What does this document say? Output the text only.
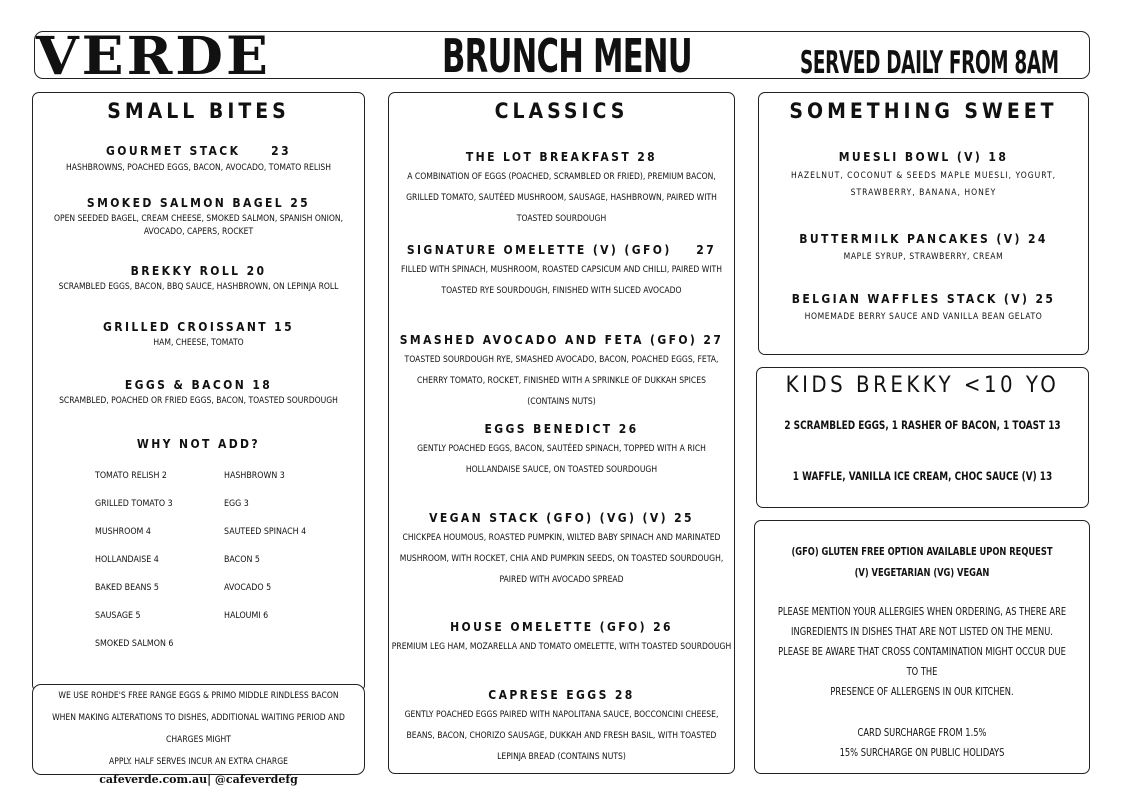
VERDE	BRUNCH MENU	SERVED DAILY FROM 8AM
SMALL BITES
GOURMET STACK     23
HASHBROWNS, POACHED EGGS, BACON, AVOCADO, TOMATO RELISH
SMOKED SALMON BAGEL 25
OPEN SEEDED BAGEL, CREAM CHEESE, SMOKED SALMON, SPANISH ONION, AVOCADO, CAPERS, ROCKET
BREKKY ROLL 20
SCRAMBLED EGGS, BACON, BBQ SAUCE, HASHBROWN, ON LEPINJA ROLL
GRILLED CROISSANT 15
HAM, CHEESE, TOMATO
EGGS & BACON 18
SCRAMBLED, POACHED OR FRIED EGGS, BACON, TOASTED SOURDOUGH
WHY NOT ADD?
TOMATO RELISH 2	HASHBROWN 3
GRILLED TOMATO 3	EGG 3
MUSHROOM 4	SAUTEED SPINACH 4
HOLLANDAISE 4	BACON 5
BAKED BEANS 5	AVOCADO 5
SAUSAGE 5	HALOUMI 6
SMOKED SALMON 6
WE USE ROHDE'S FREE RANGE EGGS & PRIMO MIDDLE RINDLESS BACON
WHEN MAKING ALTERATIONS TO DISHES, ADDITIONAL WAITING PERIOD AND CHARGES MIGHT
APPLY. HALF SERVES INCUR AN EXTRA CHARGE
cafeverde.com.au| @cafeverdefg
CLASSICS
THE LOT BREAKFAST 28
A COMBINATION OF EGGS (POACHED, SCRAMBLED OR FRIED), PREMIUM BACON, GRILLED TOMATO, SAUTÉED MUSHROOM, SAUSAGE, HASHBROWN, PAIRED WITH TOASTED SOURDOUGH
SIGNATURE OMELETTE (V) (GFO)    27
FILLED WITH SPINACH, MUSHROOM, ROASTED CAPSICUM AND CHILLI, PAIRED WITH TOASTED RYE SOURDOUGH, FINISHED WITH SLICED AVOCADO
SMASHED AVOCADO AND FETA (GFO) 27
TOASTED SOURDOUGH RYE, SMASHED AVOCADO, BACON, POACHED EGGS, FETA, CHERRY TOMATO, ROCKET, FINISHED WITH A SPRINKLE OF DUKKAH SPICES (CONTAINS NUTS)
EGGS BENEDICT 26
GENTLY POACHED EGGS, BACON, SAUTÉED SPINACH, TOPPED WITH A RICH HOLLANDAISE SAUCE, ON TOASTED SOURDOUGH
VEGAN STACK (GFO) (VG) (V) 25
CHICKPEA HOUMOUS, ROASTED PUMPKIN, WILTED BABY SPINACH AND MARINATED MUSHROOM, WITH ROCKET, CHIA AND PUMPKIN SEEDS, ON TOASTED SOURDOUGH, PAIRED WITH AVOCADO SPREAD
HOUSE OMELETTE (GFO) 26
PREMIUM LEG HAM, MOZARELLA AND TOMATO OMELETTE, WITH TOASTED SOURDOUGH
CAPRESE EGGS 28
GENTLY POACHED EGGS PAIRED WITH NAPOLITANA SAUCE, BOCCONCINI CHEESE, BEANS, BACON, CHORIZO SAUSAGE, DUKKAH AND FRESH BASIL, WITH TOASTED LEPINJA BREAD (CONTAINS NUTS)
SOMETHING SWEET
MUESLI BOWL (V) 18
HAZELNUT, COCONUT & SEEDS MAPLE MUESLI, YOGURT, STRAWBERRY, BANANA, HONEY
BUTTERMILK PANCAKES (V) 24
MAPLE SYRUP, STRAWBERRY, CREAM
BELGIAN WAFFLES STACK (V) 25
HOMEMADE BERRY SAUCE AND VANILLA BEAN GELATO
KIDS BREKKY <10 YO
2 SCRAMBLED EGGS, 1 RASHER OF BACON, 1 TOAST 13
1 WAFFLE, VANILLA ICE CREAM, CHOC SAUCE (V) 13
(GFO) GLUTEN FREE OPTION AVAILABLE UPON REQUEST
(V) VEGETARIAN (VG) VEGAN
PLEASE MENTION YOUR ALLERGIES WHEN ORDERING, AS THERE ARE
INGREDIENTS IN DISHES THAT ARE NOT LISTED ON THE MENU.
PLEASE BE AWARE THAT CROSS CONTAMINATION MIGHT OCCUR DUE TO THE
PRESENCE OF ALLERGENS IN OUR KITCHEN.
CARD SURCHARGE FROM 1.5%
15% SURCHARGE ON PUBLIC HOLIDAYS
